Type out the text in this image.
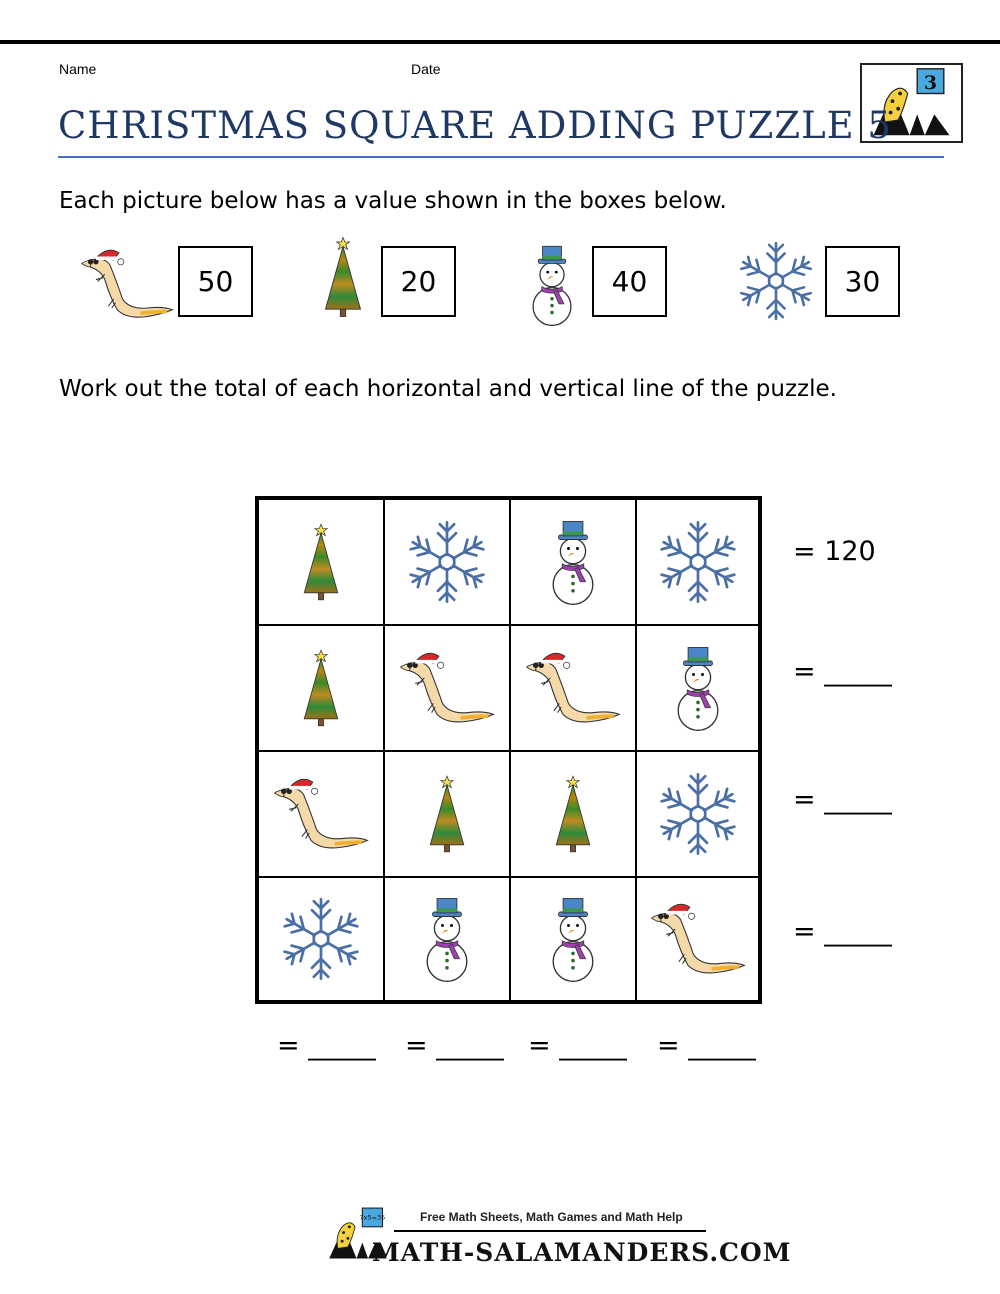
Name	Date
3
CHRISTMAS SQUARE ADDING PUZZLE 5
Each picture below has a value shown in the boxes below.
50	20	40	30
Work out the total of each horizontal and vertical line of the puzzle.
= 120
= _____
= _____
= _____
= _____ = _____ = _____ = _____
7x5=35	Free Math Sheets, Math Games and Math Help
MATH-SALAMANDERS.COM
